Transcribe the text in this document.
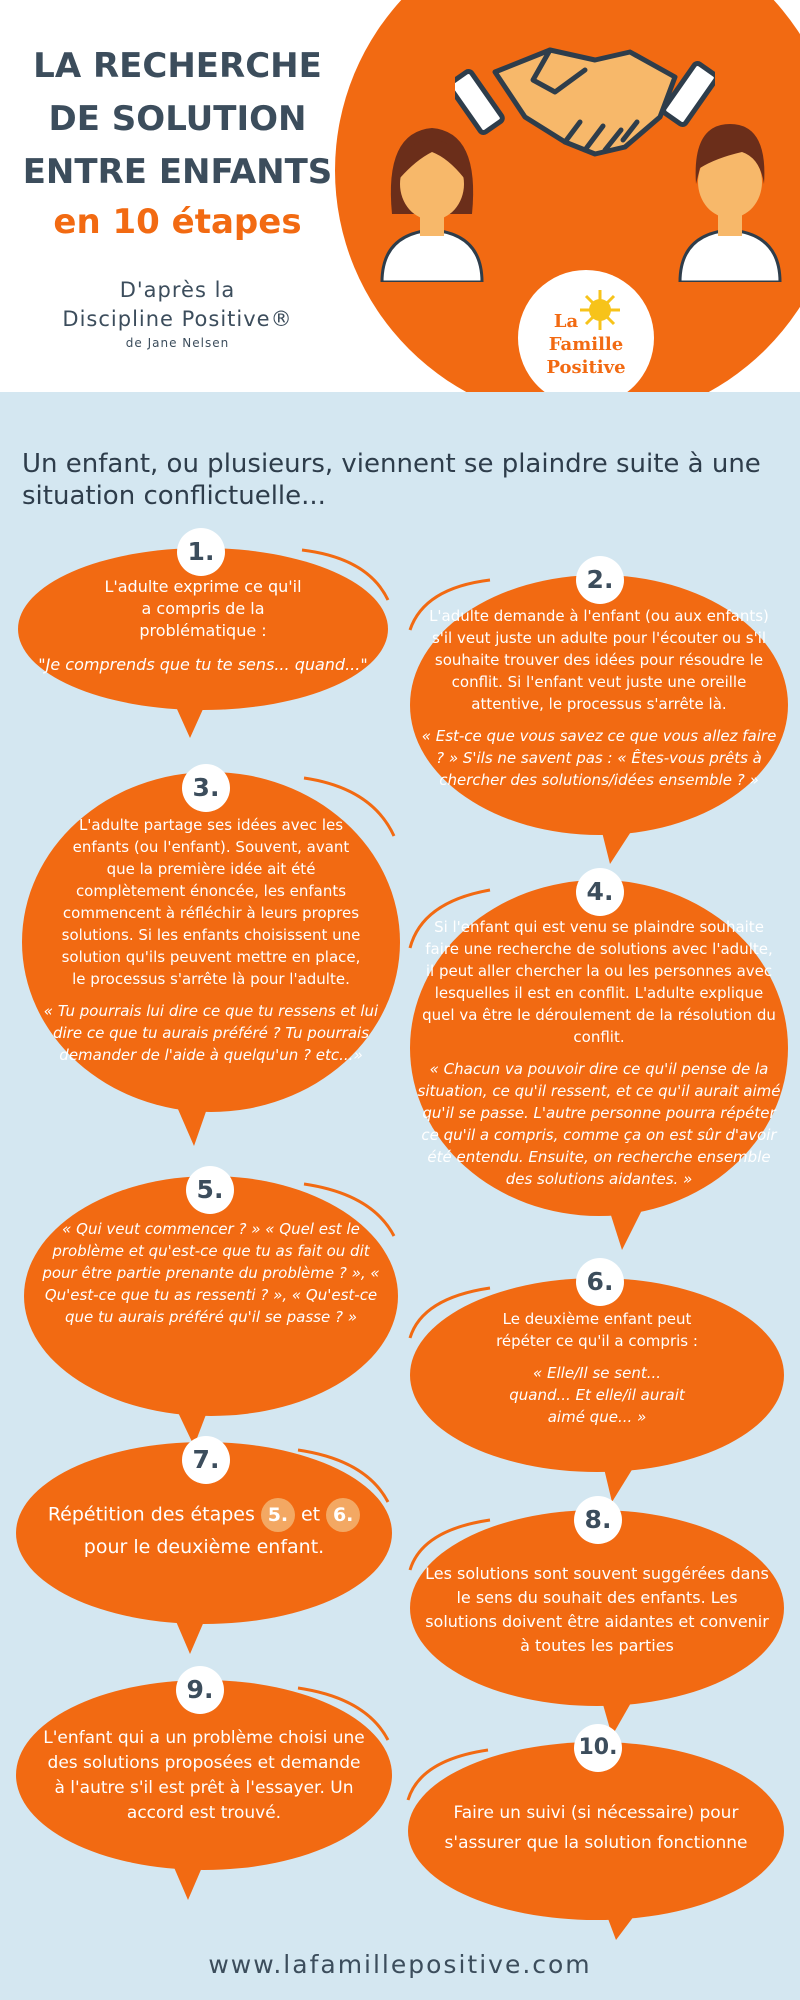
LA RECHERCHE
DE SOLUTION
ENTRE ENFANTS
en 10 étapes
D'après la
Discipline Positive®
de Jane Nelsen
La
Famille
Positive
Un enfant, ou plusieurs, viennent se plaindre suite à une situation conflictuelle...
L'adulte exprime ce qu'il a compris de la problématique :
"Je comprends que tu te sens... quand..."
1.
L'adulte demande à l'enfant (ou aux enfants) s'il veut juste un adulte pour l'écouter ou s'il souhaite trouver des idées pour résoudre le conflit. Si l'enfant veut juste une oreille attentive, le processus s'arrête là.
« Est-ce que vous savez ce que vous allez faire ? » S'ils ne savent pas : « Êtes-vous prêts à chercher des solutions/idées ensemble ? »
2.
L'adulte partage ses idées avec les enfants (ou l'enfant). Souvent, avant que la première idée ait été complètement énoncée, les enfants commencent à réfléchir à leurs propres solutions. Si les enfants choisissent une solution qu'ils peuvent mettre en place, le processus s'arrête là pour l'adulte.
« Tu pourrais lui dire ce que tu ressens et lui dire ce que tu aurais préféré ? Tu pourrais demander de l'aide à quelqu'un ? etc...»
3.
Si l'enfant qui est venu se plaindre souhaite faire une recherche de solutions avec l'adulte, il peut aller chercher la ou les personnes avec lesquelles il est en conflit. L'adulte explique quel va être le déroulement de la résolution du conflit.
« Chacun va pouvoir dire ce qu'il pense de la situation, ce qu'il ressent, et ce qu'il aurait aimé qu'il se passe. L'autre personne pourra répéter ce qu'il a compris, comme ça on est sûr d'avoir été entendu. Ensuite, on recherche ensemble des solutions aidantes. »
4.
« Qui veut commencer ? » « Quel est le problème et qu'est-ce que tu as fait ou dit pour être partie prenante du problème ? », « Qu'est-ce que tu as ressenti ? », « Qu'est-ce que tu aurais préféré qu'il se passe ? »
5.
Le deuxième enfant peut répéter ce qu'il a compris :
« Elle/Il se sent... quand... Et elle/il aurait aimé que... »
6.
Répétition des étapes 5. et 6. pour le deuxième enfant.
7.
Les solutions sont souvent suggérées dans le sens du souhait des enfants. Les solutions doivent être aidantes et convenir à toutes les parties
8.
L'enfant qui a un problème choisi une des solutions proposées et demande à l'autre s'il est prêt à l'essayer. Un accord est trouvé.
9.
Faire un suivi (si nécessaire) pour s'assurer que la solution fonctionne
10.
www.lafamillepositive.com
